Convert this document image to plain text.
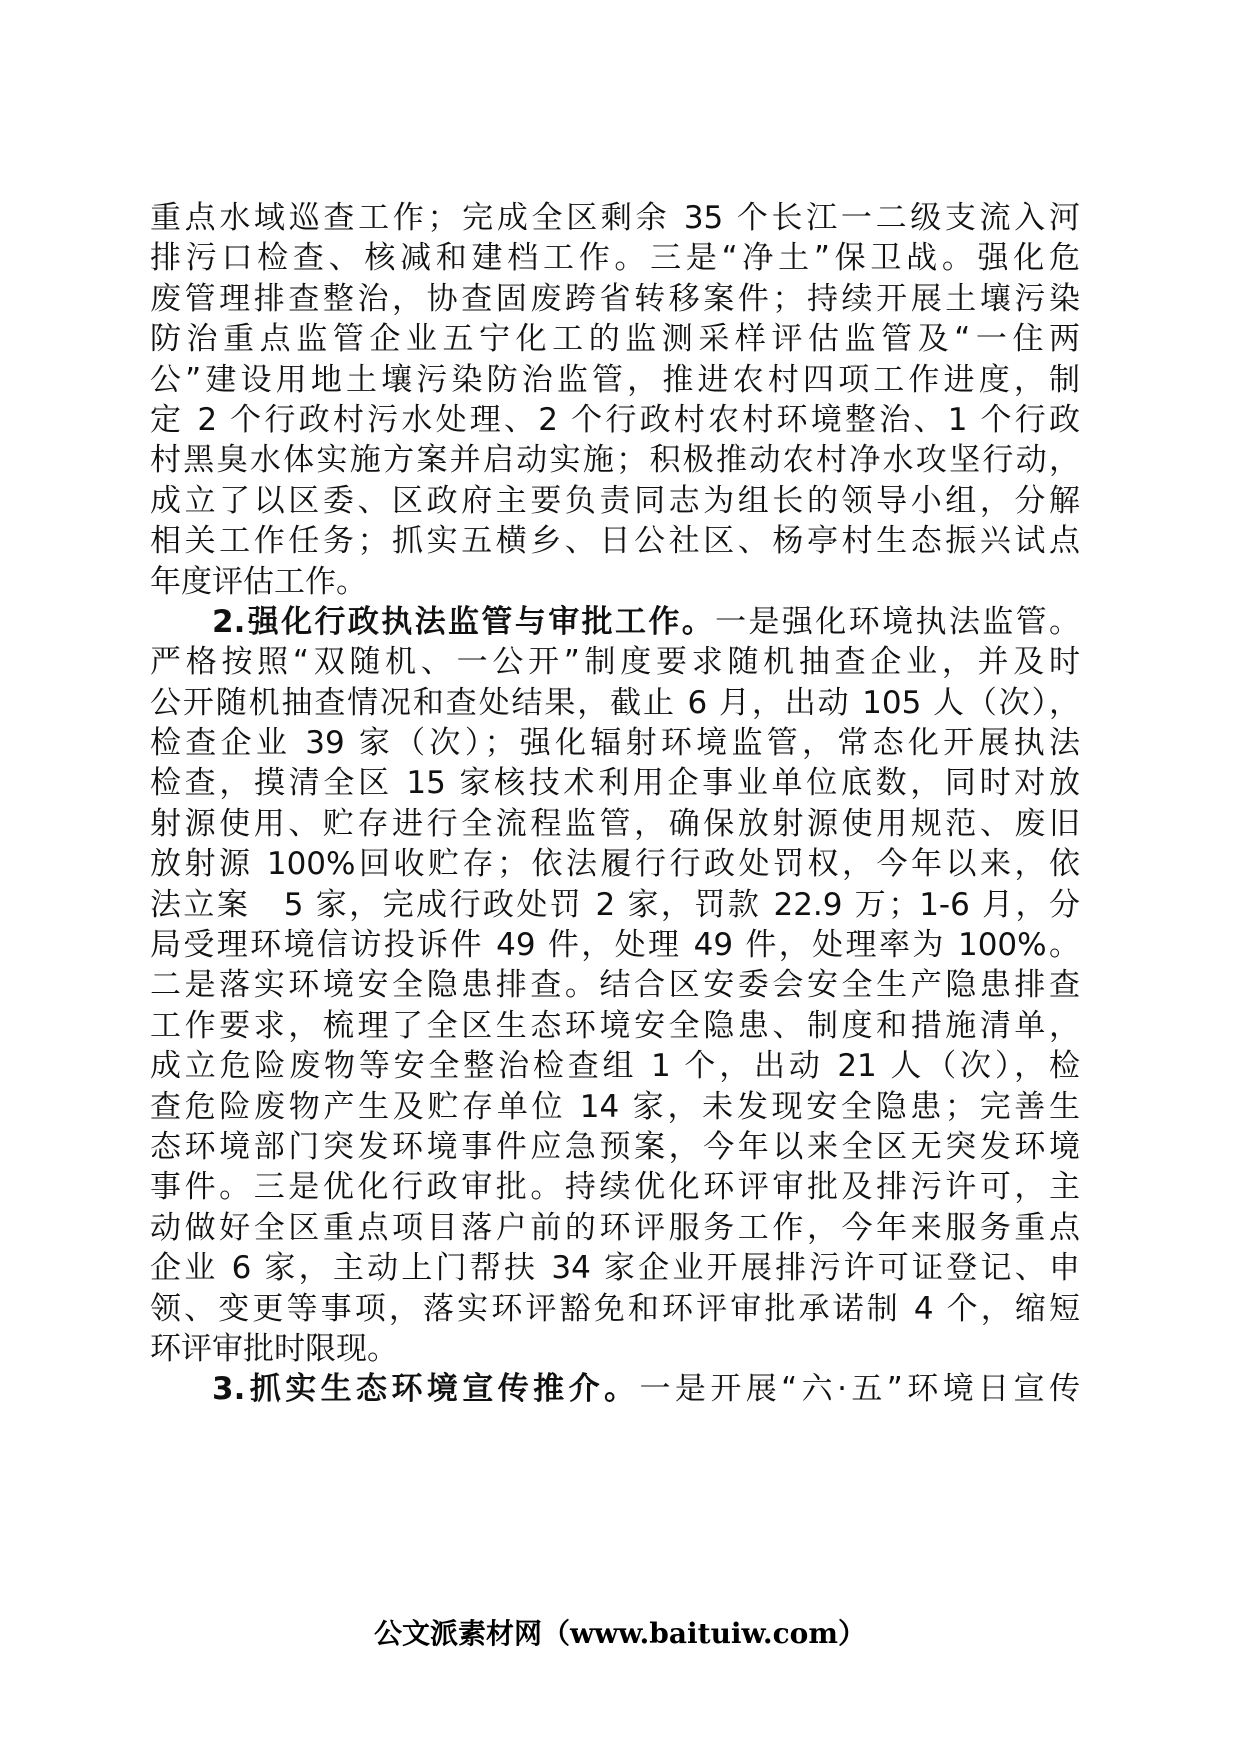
重点水域巡查工作；完成全区剩余 35 个长江一二级支流入河
排污口检查、核减和建档工作。三是“净土”保卫战。强化危
废管理排查整治，协查固废跨省转移案件；持续开展土壤污染
防治重点监管企业五宁化工的监测采样评估监管及“一住两
公”建设用地土壤污染防治监管，推进农村四项工作进度，制
定 2 个行政村污水处理、2 个行政村农村环境整治、1 个行政
村黑臭水体实施方案并启动实施；积极推动农村净水攻坚行动，
成立了以区委、区政府主要负责同志为组长的领导小组，分解
相关工作任务；抓实五横乡、日公社区、杨亭村生态振兴试点
年度评估工作。
2.强化行政执法监管与审批工作。一是强化环境执法监管。
严格按照“双随机、一公开”制度要求随机抽查企业，并及时
公开随机抽查情况和查处结果，截止 6 月，出动 105 人（次），
检查企业 39 家（次）；强化辐射环境监管，常态化开展执法
检查，摸清全区 15 家核技术利用企事业单位底数，同时对放
射源使用、贮存进行全流程监管，确保放射源使用规范、废旧
放射源 100%回收贮存；依法履行行政处罚权，今年以来，依
法立案　5 家，完成行政处罚 2 家，罚款 22.9 万；1-6 月，分
局受理环境信访投诉件 49 件，处理 49 件，处理率为 100%。
二是落实环境安全隐患排查。结合区安委会安全生产隐患排查
工作要求，梳理了全区生态环境安全隐患、制度和措施清单，
成立危险废物等安全整治检查组 1 个，出动 21 人（次），检
查危险废物产生及贮存单位 14 家，未发现安全隐患；完善生
态环境部门突发环境事件应急预案，今年以来全区无突发环境
事件。三是优化行政审批。持续优化环评审批及排污许可，主
动做好全区重点项目落户前的环评服务工作，今年来服务重点
企业 6 家，主动上门帮扶 34 家企业开展排污许可证登记、申
领、变更等事项，落实环评豁免和环评审批承诺制 4 个，缩短
环评审批时限现。
3.抓实生态环境宣传推介。一是开展“六·五”环境日宣传
公文派素材网（www.baituiw.com）
